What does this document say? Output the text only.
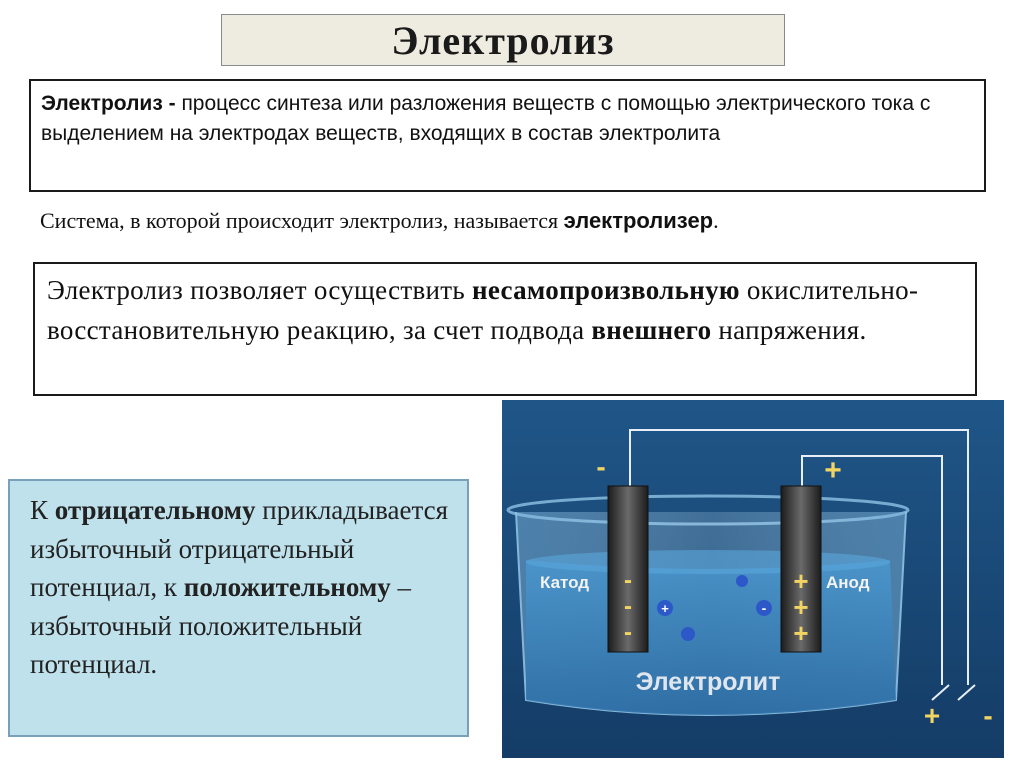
Электролиз
Электролиз - процесс синтеза или разложения веществ с помощью электрического тока с выделением на электродах веществ, входящих в состав электролита
Система, в которой происходит электролиз, называется электролизер.
Электролиз позволяет осуществить несамопроизвольную окислительно-восстановительную реакцию, за счет подвода внешнего напряжения.
К отрицательному прикладывается избыточный отрицательный потенциал, к положительному – избыточный положительный потенциал.
+	-
-	+
-
-
-
+
+
+
+ -
Катод	Анод
Электролит
